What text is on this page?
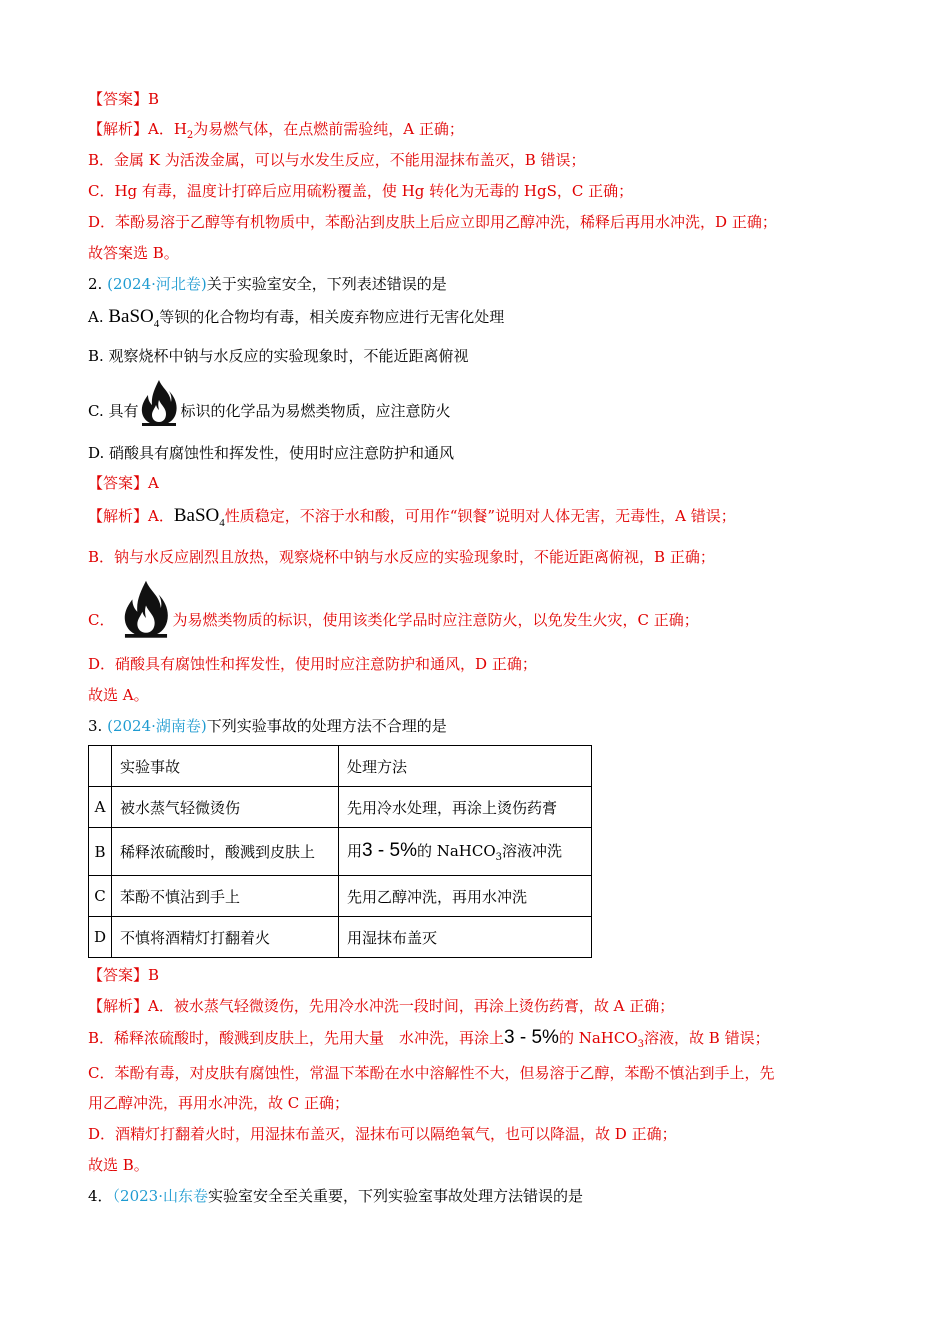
【答案】B
【解析】A．$H_2$为易燃气体，在点燃前需验纯，A 正确；
B．金属 K 为活泼金属，可以与水发生反应，不能用湿抹布盖灭，B 错误；
C．Hg 有毒，温度计打碎后应用硫粉覆盖，使 Hg 转化为无毒的 HgS，C 正确；
D．苯酚易溶于乙醇等有机物质中，苯酚沾到皮肤上后应立即用乙醇冲洗，稀释后再用水冲洗，D 正确；
故答案选 B。
2. (2024·河北卷)关于实验室安全，下列表述错误的是
A. BaSO$_4$等钡的化合物均有毒，相关废弃物应进行无害化处理
B. 观察烧杯中钠与水反应的实验现象时，不能近距离俯视
C. 具有	标识的化学品为易燃类物质，应注意防火
D. 硝酸具有腐蚀性和挥发性，使用时应注意防护和通风
【答案】A
【解析】A．BaSO$_4$性质稳定，不溶于水和酸，可用作“钡餐”说明对人体无害，无毒性，A 错误；
B．钠与水反应剧烈且放热，观察烧杯中钠与水反应的实验现象时，不能近距离俯视，B 正确；
C．	为易燃类物质的标识，使用该类化学品时应注意防火，以免发生火灾，C 正确；
D．硝酸具有腐蚀性和挥发性，使用时应注意防护和通风，D 正确；
故选 A。
3. (2024·湖南卷)下列实验事故的处理方法不合理的是
	实验事故	处理方法
A	被水蒸气轻微烫伤	先用冷水处理，再涂上烫伤药膏
B	稀释浓硫酸时，酸溅到皮肤上	用3 - 5%的 NaHCO$_3$溶液冲洗
C	苯酚不慎沾到手上	先用乙醇冲洗，再用水冲洗
D	不慎将酒精灯打翻着火	用湿抹布盖灭
【答案】B
【解析】A．被水蒸气轻微烫伤，先用冷水冲洗一段时间，再涂上烫伤药膏，故 A 正确；
B．稀释浓硫酸时，酸溅到皮肤上，先用大量　水冲洗，再涂上3 - 5%的 NaHCO$_3$溶液，故 B 错误；
C．苯酚有毒，对皮肤有腐蚀性，常温下苯酚在水中溶解性不大，但易溶于乙醇，苯酚不慎沾到手上，先
用乙醇冲洗，再用水冲洗，故 C 正确；
D．酒精灯打翻着火时，用湿抹布盖灭，湿抹布可以隔绝氧气，也可以降温，故 D 正确；
故选 B。
4．（2023·山东卷实验室安全至关重要，下列实验室事故处理方法错误的是
